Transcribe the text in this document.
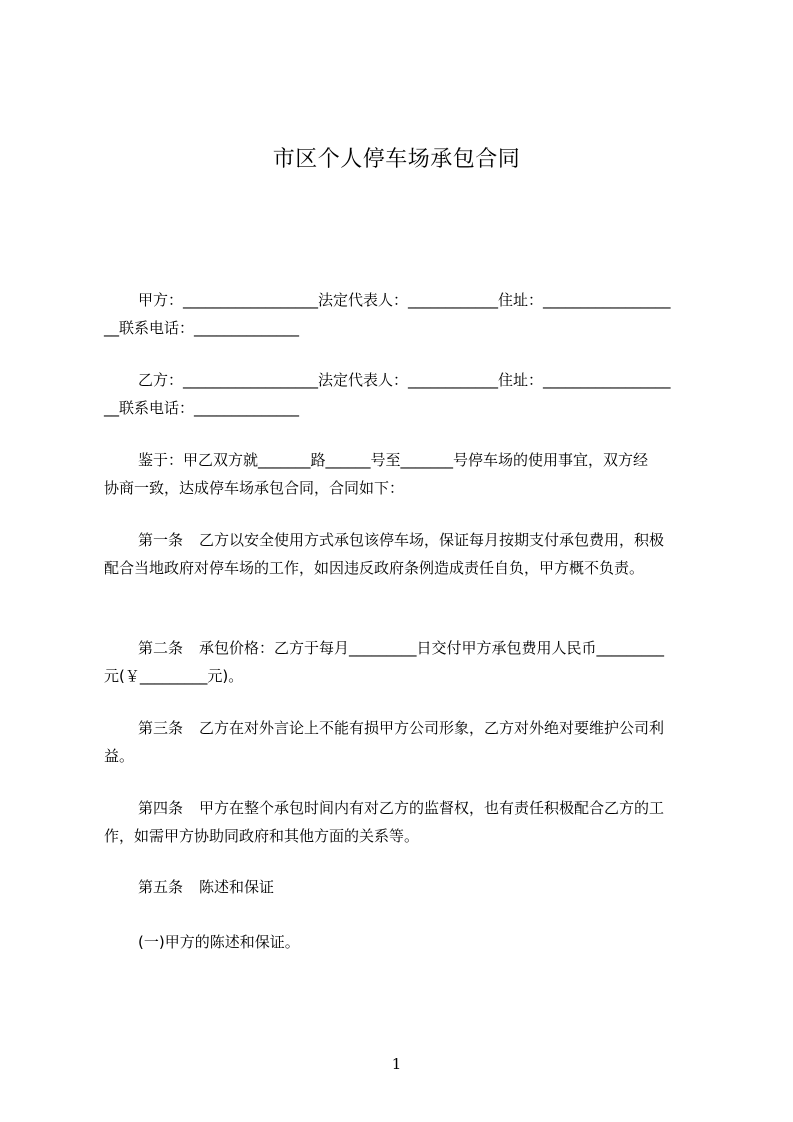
市区个人停车场承包合同
甲方：__________________法定代表人：____________住址：_________________
__联系电话：______________
乙方：__________________法定代表人：____________住址：_________________
__联系电话：______________
鉴于：甲乙双方就_______路______号至_______号停车场的使用事宜，双方经
协商一致，达成停车场承包合同，合同如下：
第一条 乙方以安全使用方式承包该停车场，保证每月按期支付承包费用，积极
配合当地政府对停车场的工作，如因违反政府条例造成责任自负，甲方概不负责。
第二条 承包价格：乙方于每月_________日交付甲方承包费用人民币_________
元(￥_________元)。
第三条 乙方在对外言论上不能有损甲方公司形象，乙方对外绝对要维护公司利
益。
第四条 甲方在整个承包时间内有对乙方的监督权，也有责任积极配合乙方的工
作，如需甲方协助同政府和其他方面的关系等。
第五条 陈述和保证
(一)甲方的陈述和保证。
1
